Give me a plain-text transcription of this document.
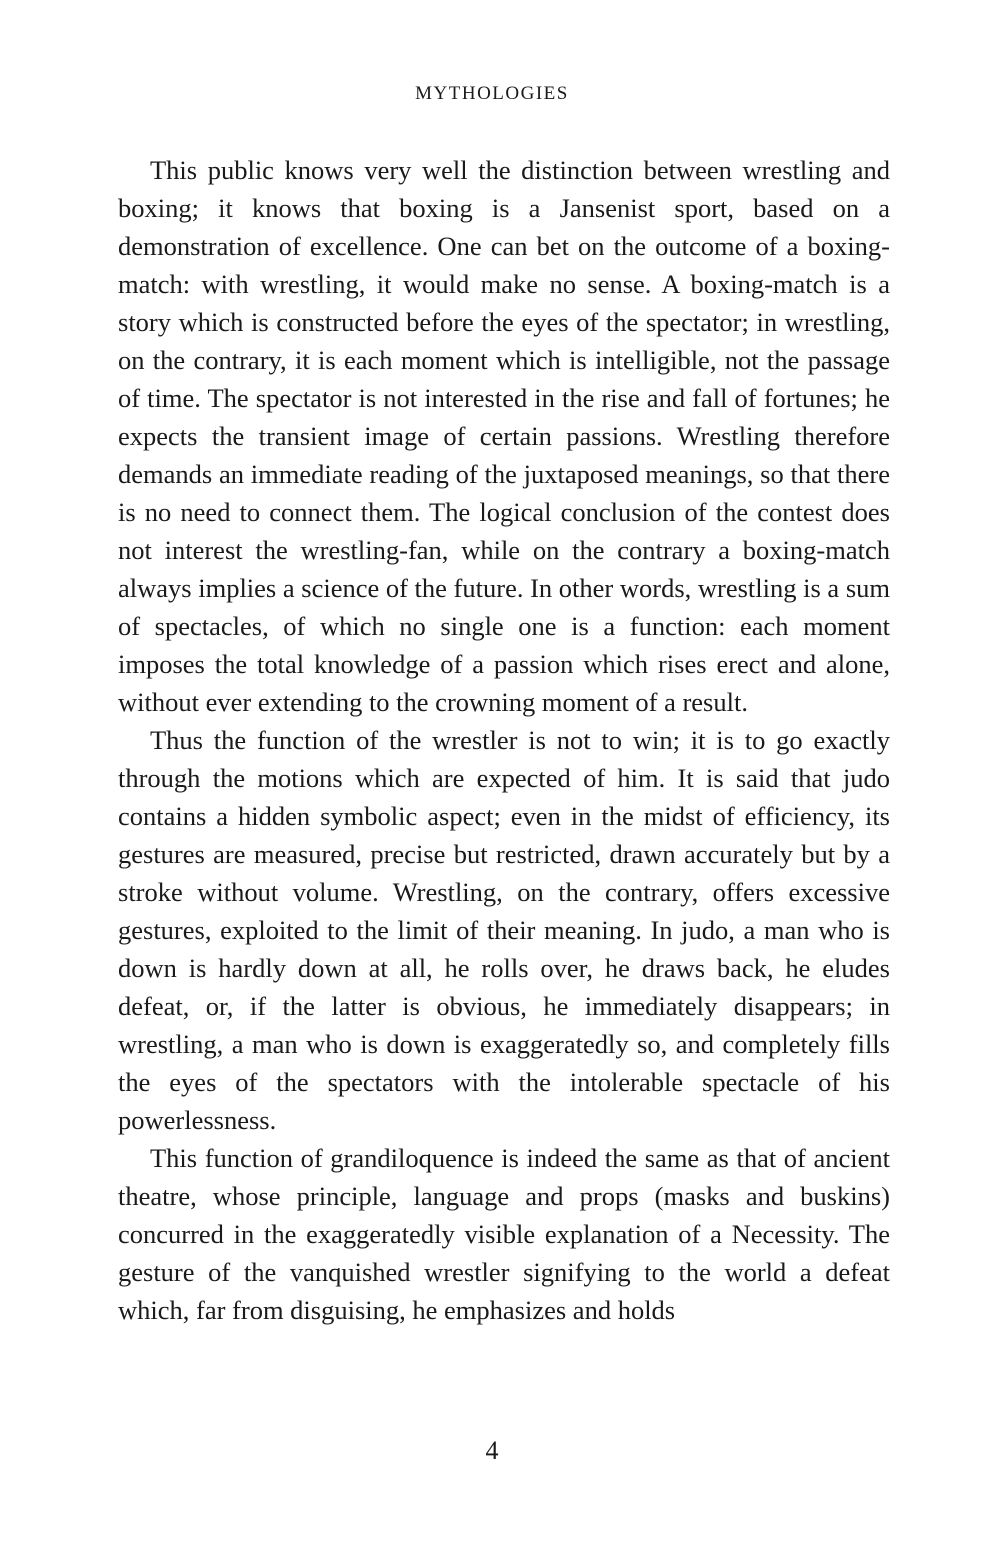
MYTHOLOGIES

This public knows very well the distinction between wrestling and boxing; it knows that boxing is a Jansenist sport, based on a demonstration of excellence. One can bet on the outcome of a boxing-match: with wrestling, it would make no sense. A boxing-match is a story which is constructed before the eyes of the spectator; in wrestling, on the contrary, it is each moment which is intelligible, not the passage of time. The spectator is not interested in the rise and fall of fortunes; he expects the transient image of certain passions. Wrestling therefore demands an immediate reading of the juxtaposed meanings, so that there is no need to connect them. The logical conclusion of the contest does not interest the wrestling-fan, while on the contrary a boxing-match always implies a science of the future. In other words, wrestling is a sum of spectacles, of which no single one is a function: each moment imposes the total knowledge of a passion which rises erect and alone, without ever extending to the crowning moment of a result.

Thus the function of the wrestler is not to win; it is to go exactly through the motions which are expected of him. It is said that judo contains a hidden symbolic aspect; even in the midst of efficiency, its gestures are measured, precise but restricted, drawn accurately but by a stroke without volume. Wrestling, on the contrary, offers excessive gestures, exploited to the limit of their meaning. In judo, a man who is down is hardly down at all, he rolls over, he draws back, he eludes defeat, or, if the latter is obvious, he immediately disappears; in wrestling, a man who is down is exaggeratedly so, and completely fills the eyes of the spectators with the intolerable spectacle of his powerlessness.

This function of grandiloquence is indeed the same as that of ancient theatre, whose principle, language and props (masks and buskins) concurred in the exaggeratedly visible explanation of a Necessity. The gesture of the vanquished wrestler signifying to the world a defeat which, far from disguising, he emphasizes and holds

4
